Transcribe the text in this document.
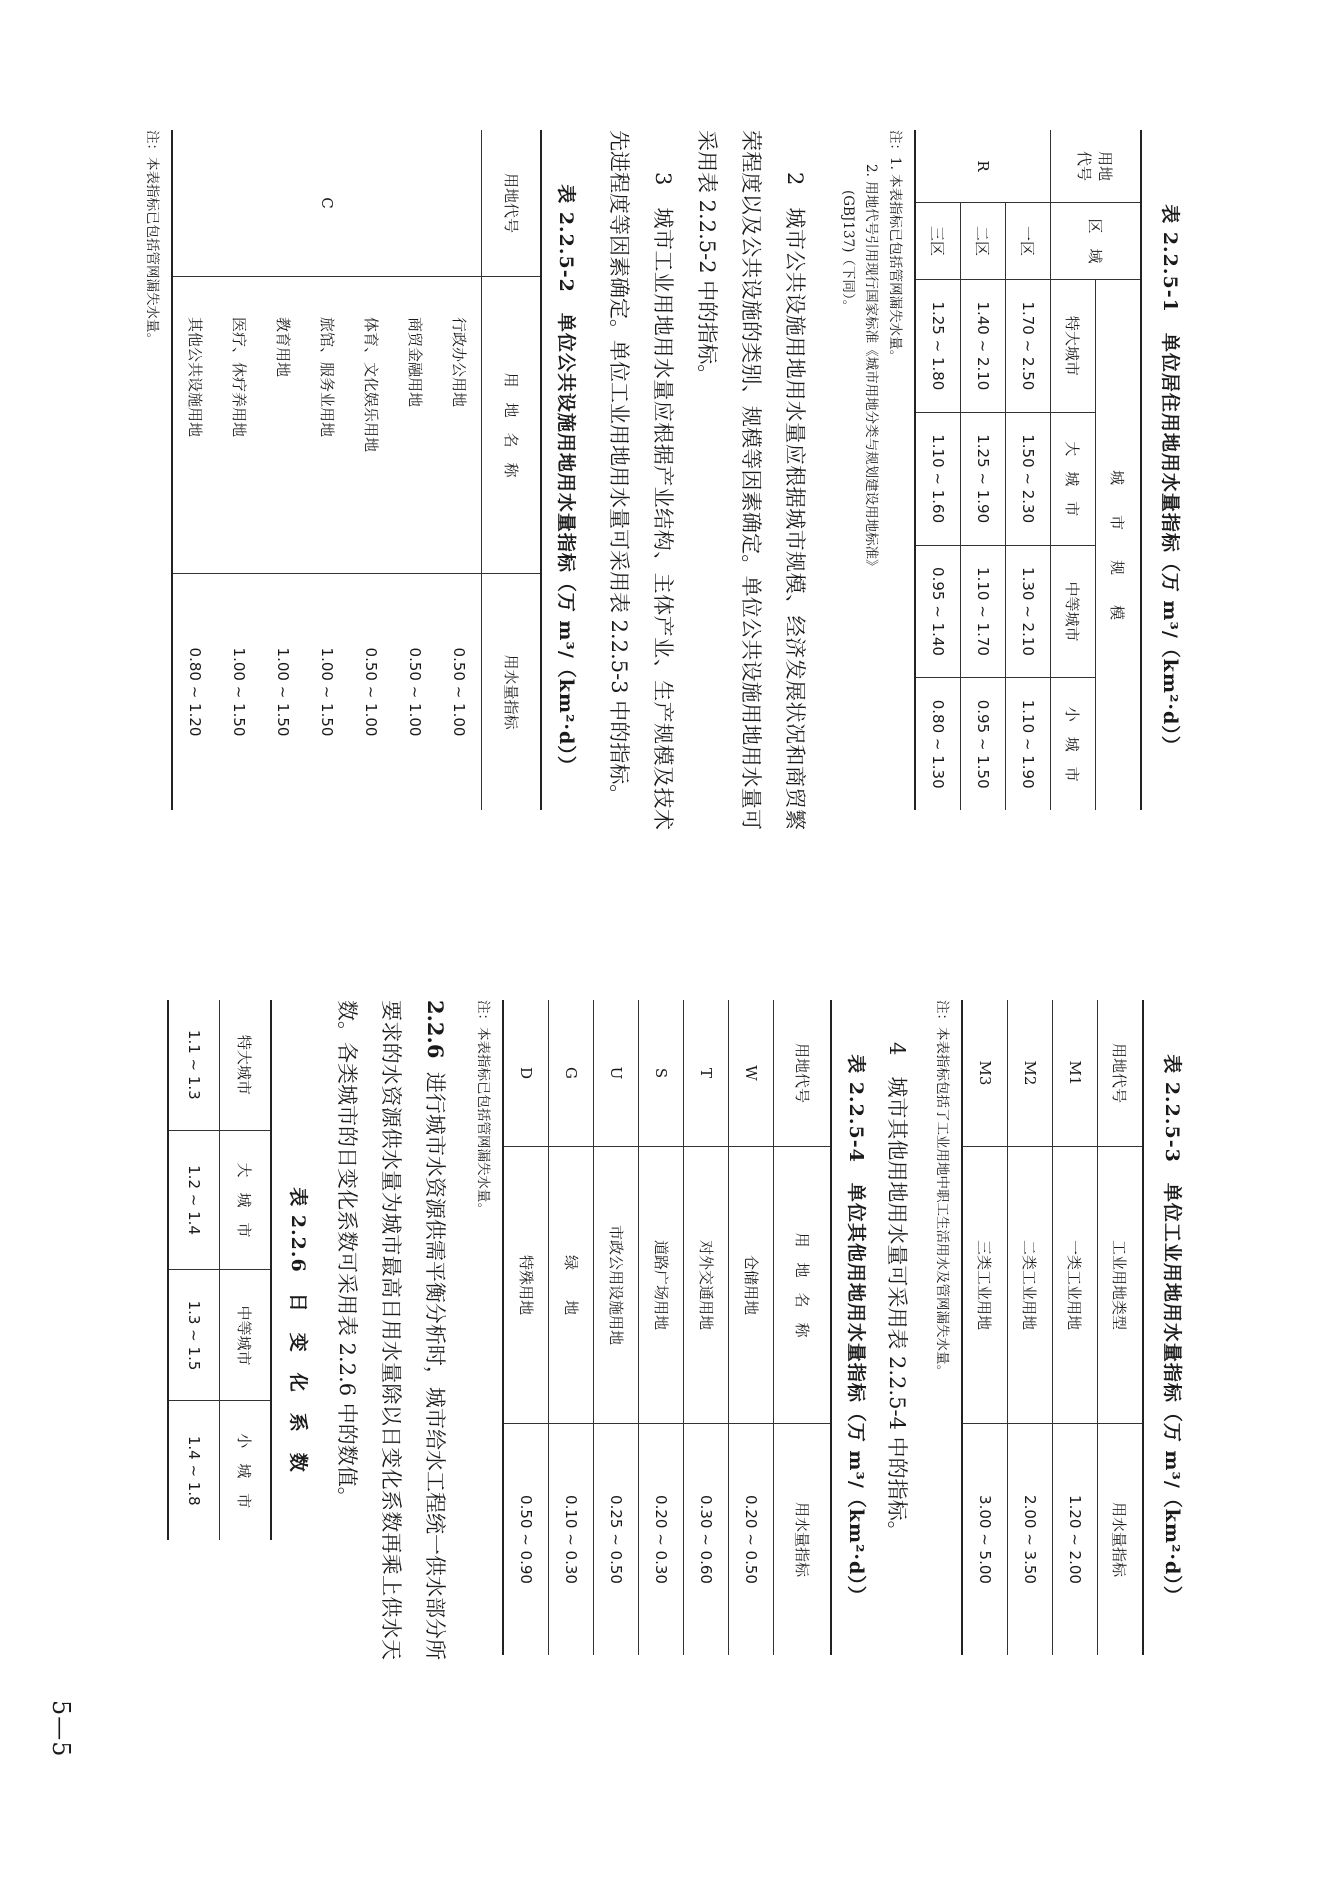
表 2.2.5-1　单位居住用地用水量指标（万 m³/（km²·d））
用地
代号	区　域	城　　市　　规　　模			
		特大城市	大　城　市	中等城市	小　城　市
R	一区	1.70 ~ 2.50	1.50 ~ 2.30	1.30 ~ 2.10	1.10 ~ 1.90
	二区	1.40 ~ 2.10	1.25 ~ 1.90	1.10 ~ 1.70	0.95 ~ 1.50
	三区	1.25 ~ 1.80	1.10 ~ 1.60	0.95 ~ 1.40	0.80 ~ 1.30
注：1. 本表指标已包括管网漏失水量。

2. 用地代号引用现行国家标准《城市用地分类与规划建设用地标准》
(GBJ137)（下同）。

2　城市公共设施用地用水量应根据城市规模、经济发展状况和商贸繁荣程度以及公共设施的类别、规模等因素确定。单位公共设施用地用水量可采用表 2.2.5-2 中的指标。

3　城市工业用地用水量应根据产业结构、主体产业、生产规模及技术先进程度等因素确定。单位工业用地用水量可采用表 2.2.5-3 中的指标。

表 2.2.5-2　单位公共设施用地用水量指标（万 m³/（km²·d））
用地代号	用　地　名　称	用水量指标
C	行政办公用地	0.50 ~ 1.00
	商贸金融用地	0.50 ~ 1.00
	体育、文化娱乐用地	0.50 ~ 1.00
	旅馆、服务业用地	1.00 ~ 1.50
	教育用地	1.00 ~ 1.50
	医疗、休疗养用地	1.00 ~ 1.50
	其他公共设施用地	0.80 ~ 1.20
注：本表指标已包括管网漏失水量。
表 2.2.5-3　单位工业用地用水量指标（万 m³/（km²·d））
用地代号	工业用地类型	用水量指标
M1	一类工业用地	1.20 ~ 2.00
M2	二类工业用地	2.00 ~ 3.50
M3	三类工业用地	3.00 ~ 5.00
注：本表指标包括了工业用地中职工生活用水及管网漏失水量。

4　城市其他用地用水量可采用表 2.2.5-4 中的指标。

表 2.2.5-4　单位其他用地用水量指标（万 m³/（km²·d））
用地代号	用　地　名　称	用水量指标
W	仓储用地	0.20 ~ 0.50
T	对外交通用地	0.30 ~ 0.60
S	道路广场用地	0.20 ~ 0.30
U	市政公用设施用地	0.25 ~ 0.50
G	绿　　地	0.10 ~ 0.30
D	特殊用地	0.50 ~ 0.90
注：本表指标已包括管网漏失水量。

2.2.6  进行城市水资源供需平衡分析时，城市给水工程统一供水部分所要求的水资源供水量为城市最高日用水量除以日变化系数再乘上供水天数。各类城市的日变化系数可采用表 2.2.6 中的数值。

表 2.2.6　日　变　化　系　数
特大城市	大　城　市	中等城市	小　城　市
1.1 ~ 1.3	1.2 ~ 1.4	1.3 ~ 1.5	1.4 ~ 1.8
5—5
